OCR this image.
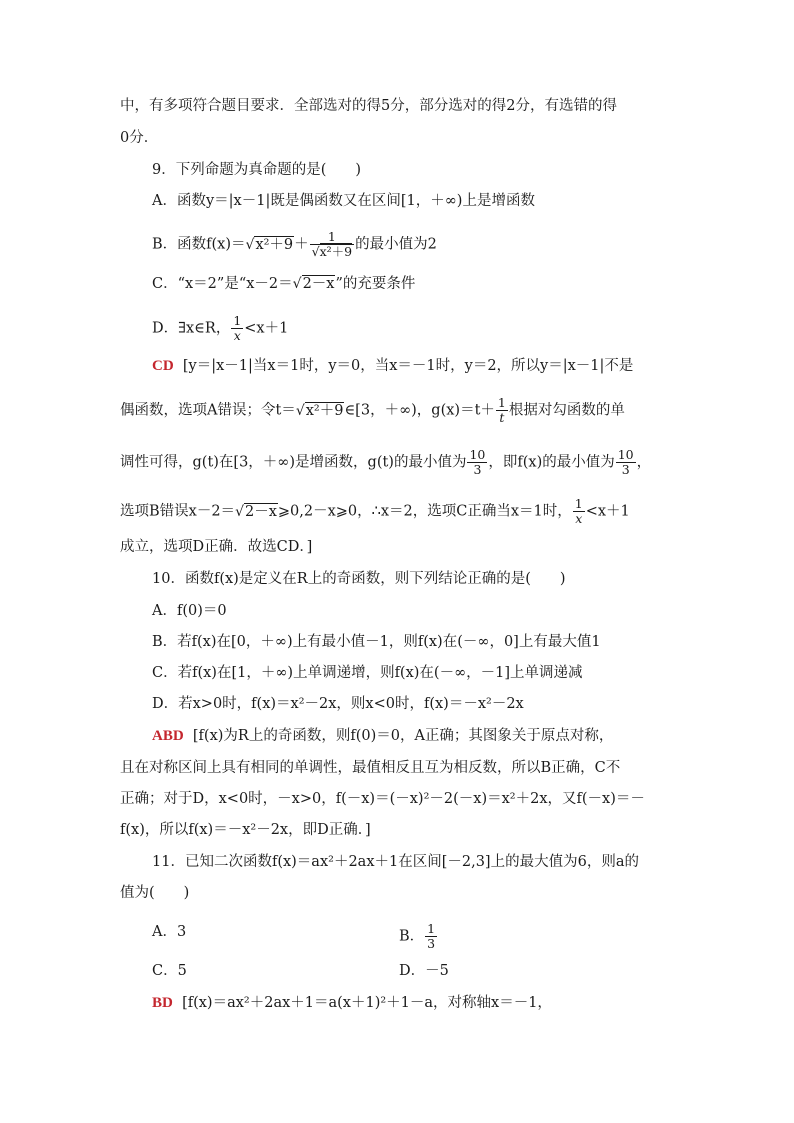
中，有多项符合题目要求．全部选对的得5分，部分选对的得2分，有选错的得
0分．
9．下列命题为真命题的是(　　)
A．函数y＝|x－1|既是偶函数又在区间[1，＋∞)上是增函数
B．函数$f(x)=√x^2+9+ \frac{1}{\text{√x²＋9}}$ 的最小值为2
C．“x＝2”是“x－2＝√2－x”的充要条件
D．∃x∈R， $\frac{1}{x} <x+1$
CD [y＝|x－1|当x＝1时，y＝0，当x＝－1时，y＝2，所以y＝|x－1|不是
偶函数，选项A错误；令t＝√x²＋9∈[3，＋∞)，$g(x)=t+ \frac{1}{t}$ 根据对勾函数的单
调性可得，g(t)在[3，＋∞)是增函数，g(t)的最小值为 $\frac{10}{3}$ ，即f(x)的最小值为 $\frac{10}{3}$ ，
选项B错误x－2＝√2－x⩾0,2－x⩾0，∴x＝2，选项C正确当x＝1时， $\frac{1}{x} <x+1$
成立，选项D正确．故选CD．]
10．函数f(x)是定义在R上的奇函数，则下列结论正确的是(　　)
A．f(0)＝0
B．若f(x)在[0，＋∞)上有最小值－1，则f(x)在(－∞，0]上有最大值1
C．若f(x)在[1，＋∞)上单调递增，则f(x)在(－∞，－1]上单调递减
D．若x>0时，f(x)＝x²－2x，则x<0时，f(x)＝－x²－2x
ABD [f(x)为R上的奇函数，则f(0)＝0，A正确；其图象关于原点对称，
且在对称区间上具有相同的单调性，最值相反且互为相反数，所以B正确，C不
正确；对于D，x<0时，－x>0，f(－x)＝(－x)²－2(－x)＝x²＋2x，又f(－x)＝－
f(x)，所以f(x)＝－x²－2x，即D正确．]
11．已知二次函数f(x)＝ax²＋2ax＋1在区间[－2,3]上的最大值为6，则a的
值为(　　)
A．3	B． $\frac{1}{3}$
C．5	D．－5
BD [f(x)＝ax²＋2ax＋1＝a(x＋1)²＋1－a，对称轴x＝－1，
